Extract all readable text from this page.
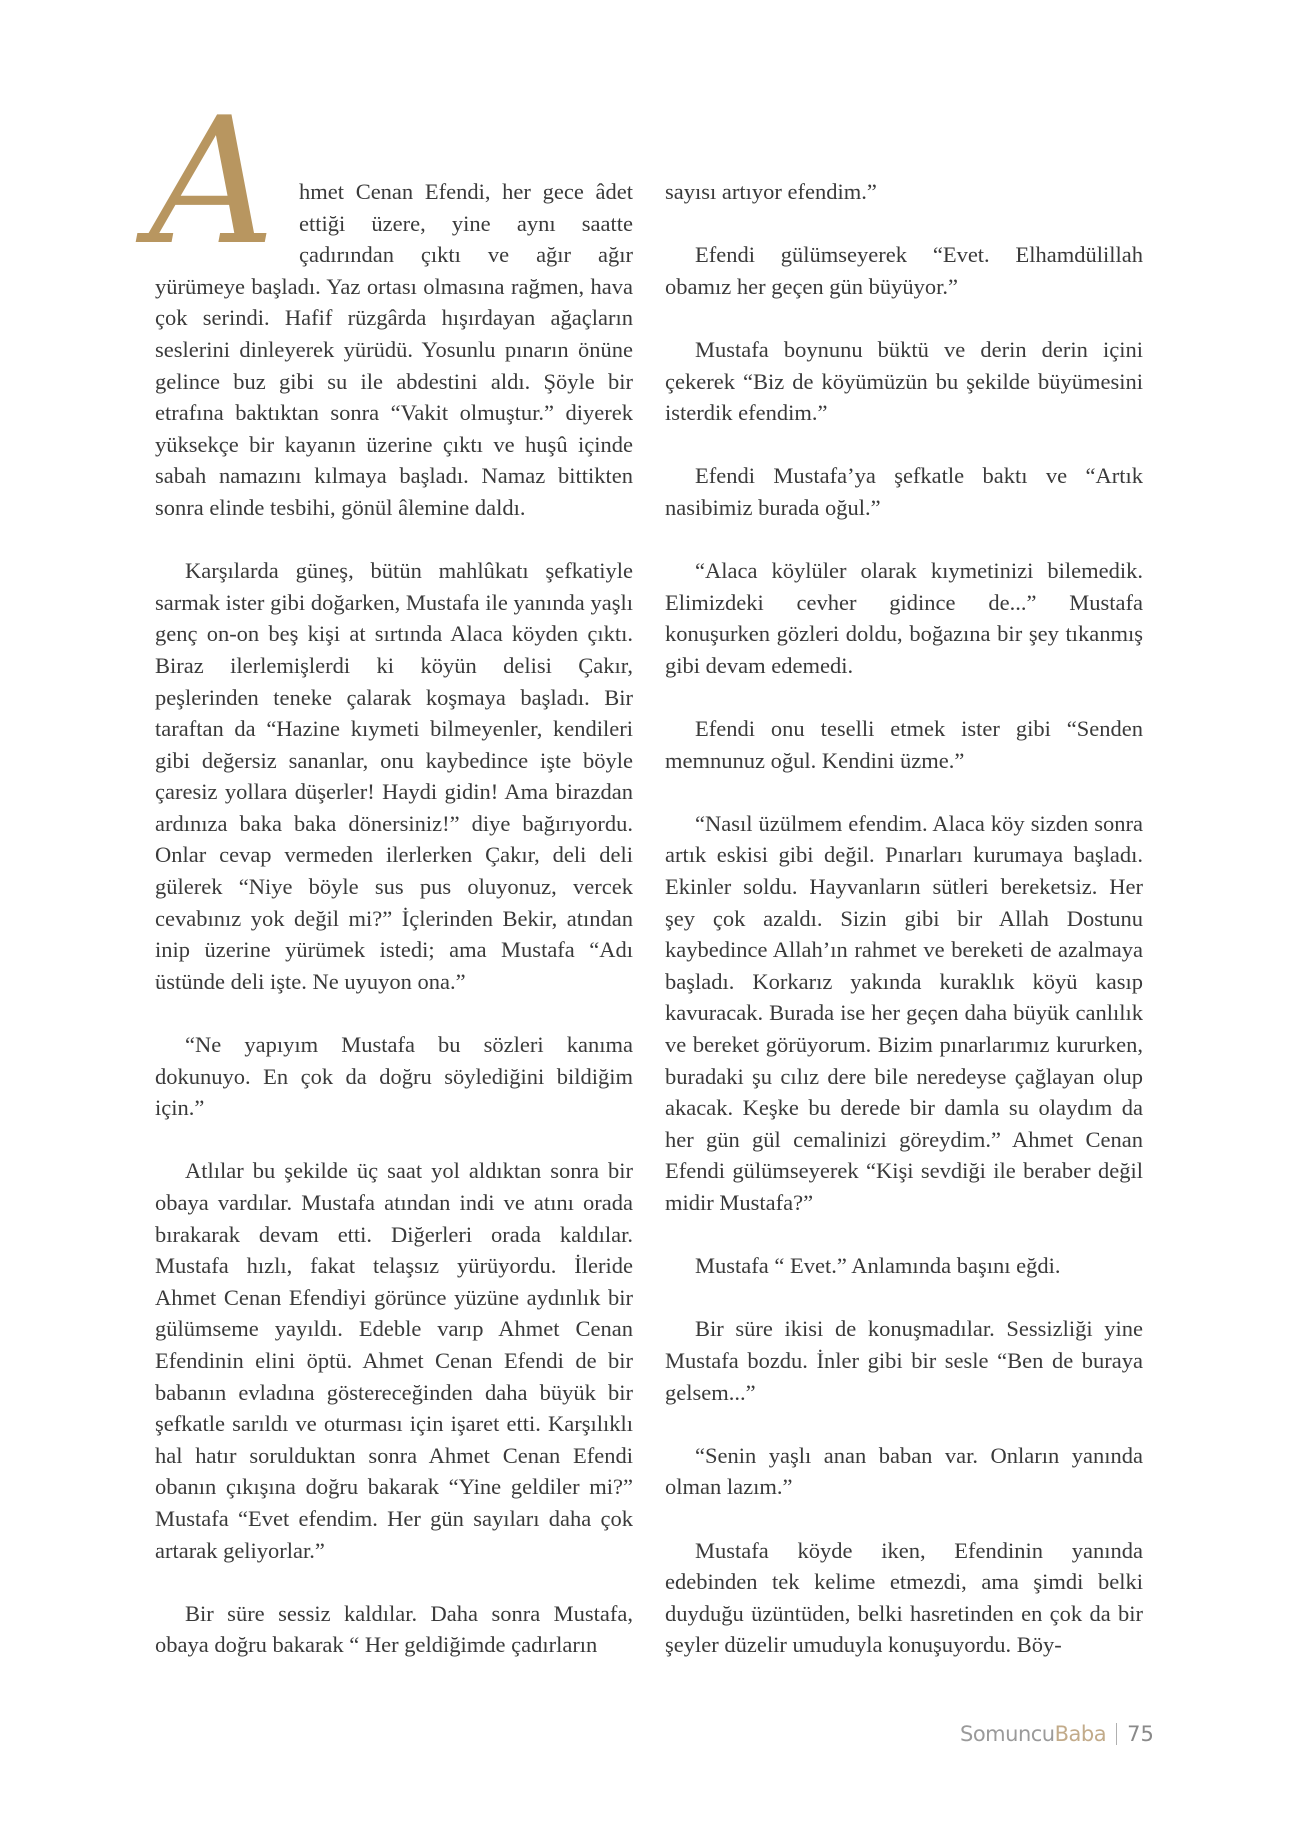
A	hmet Cenan Efendi, her gece âdet ettiği üzere, yine aynı saatte çadırından çıktı ve ağır ağır yürümeye başladı. Yaz ortası olmasına rağmen, hava çok serindi. Hafif rüzgârda hışırdayan ağaçların seslerini dinleyerek yürüdü. Yosunlu pınarın önüne gelince buz gibi su ile abdestini aldı. Şöyle bir etrafına baktıktan sonra “Vakit olmuştur.” diyerek yüksekçe bir kayanın üzerine çıktı ve huşû içinde sabah namazını kılmaya başladı. Namaz bittikten sonra elinde tesbihi, gönül âlemine daldı.

Karşılarda güneş, bütün mahlûkatı şefkatiyle sarmak ister gibi doğarken, Mustafa ile yanında yaşlı genç on-on beş kişi at sırtında Alaca köyden çıktı. Biraz ilerlemişlerdi ki köyün delisi Çakır, peşlerinden teneke çalarak koşmaya başladı. Bir taraftan da “Hazine kıymeti bilmeyenler, kendileri gibi değersiz sananlar, onu kaybedince işte böyle çaresiz yollara düşerler! Haydi gidin! Ama birazdan ardınıza baka baka dönersiniz!” diye bağırıyordu. Onlar cevap vermeden ilerlerken Çakır, deli deli gülerek “Niye böyle sus pus oluyonuz, vercek cevabınız yok değil mi?” İçlerinden Bekir, atından inip üzerine yürümek istedi; ama Mustafa “Adı üstünde deli işte. Ne uyuyon ona.”

“Ne yapıyım Mustafa bu sözleri kanıma dokunuyo. En çok da doğru söylediğini bildiğim için.”

Atlılar bu şekilde üç saat yol aldıktan sonra bir obaya vardılar. Mustafa atından indi ve atını orada bırakarak devam etti. Diğerleri orada kaldılar. Mustafa hızlı, fakat telaşsız yürüyordu. İleride Ahmet Cenan Efendiyi görünce yüzüne aydınlık bir gülümseme yayıldı. Edeble varıp Ahmet Cenan Efendinin elini öptü. Ahmet Cenan Efendi de bir babanın evladına göstereceğinden daha büyük bir şefkatle sarıldı ve oturması için işaret etti. Karşılıklı hal hatır sorulduktan sonra Ahmet Cenan Efendi obanın çıkışına doğru bakarak “Yine geldiler mi?” Mustafa “Evet efendim. Her gün sayıları daha çok artarak geliyorlar.”

Bir süre sessiz kaldılar. Daha sonra Mustafa, obaya doğru bakarak “ Her geldiğimde çadırların

sayısı artıyor efendim.”

Efendi gülümseyerek “Evet. Elhamdülillah obamız her geçen gün büyüyor.”

Mustafa boynunu büktü ve derin derin içini çekerek “Biz de köyümüzün bu şekilde büyümesini isterdik efendim.”

Efendi Mustafa’ya şefkatle baktı ve “Artık nasibimiz burada oğul.”

“Alaca köylüler olarak kıymetinizi bilemedik. Elimizdeki cevher gidince de...” Mustafa konuşurken gözleri doldu, boğazına bir şey tıkanmış gibi devam edemedi.

Efendi onu teselli etmek ister gibi “Senden memnunuz oğul. Kendini üzme.”

“Nasıl üzülmem efendim. Alaca köy sizden sonra artık eskisi gibi değil. Pınarları kurumaya başladı. Ekinler soldu. Hayvanların sütleri bereketsiz. Her şey çok azaldı. Sizin gibi bir Allah Dostunu kaybedince Allah’ın rahmet ve bereketi de azalmaya başladı. Korkarız yakında kuraklık köyü kasıp kavuracak. Burada ise her geçen daha büyük canlılık ve bereket görüyorum. Bizim pınarlarımız kururken, buradaki şu cılız dere bile neredeyse çağlayan olup akacak. Keşke bu derede bir damla su olaydım da her gün gül cemalinizi göreydim.” Ahmet Cenan Efendi gülümseyerek “Kişi sevdiği ile beraber değil midir Mustafa?”

Mustafa “ Evet.” Anlamında başını eğdi.

Bir süre ikisi de konuşmadılar. Sessizliği yine Mustafa bozdu. İnler gibi bir sesle “Ben de buraya gelsem...”

“Senin yaşlı anan baban var. Onların yanında olman lazım.”

Mustafa köyde iken, Efendinin yanında edebinden tek kelime etmezdi, ama şimdi belki duyduğu üzüntüden, belki hasretinden en çok da bir şeyler düzelir umuduyla konuşuyordu. Böy-

SomuncuBaba 75
